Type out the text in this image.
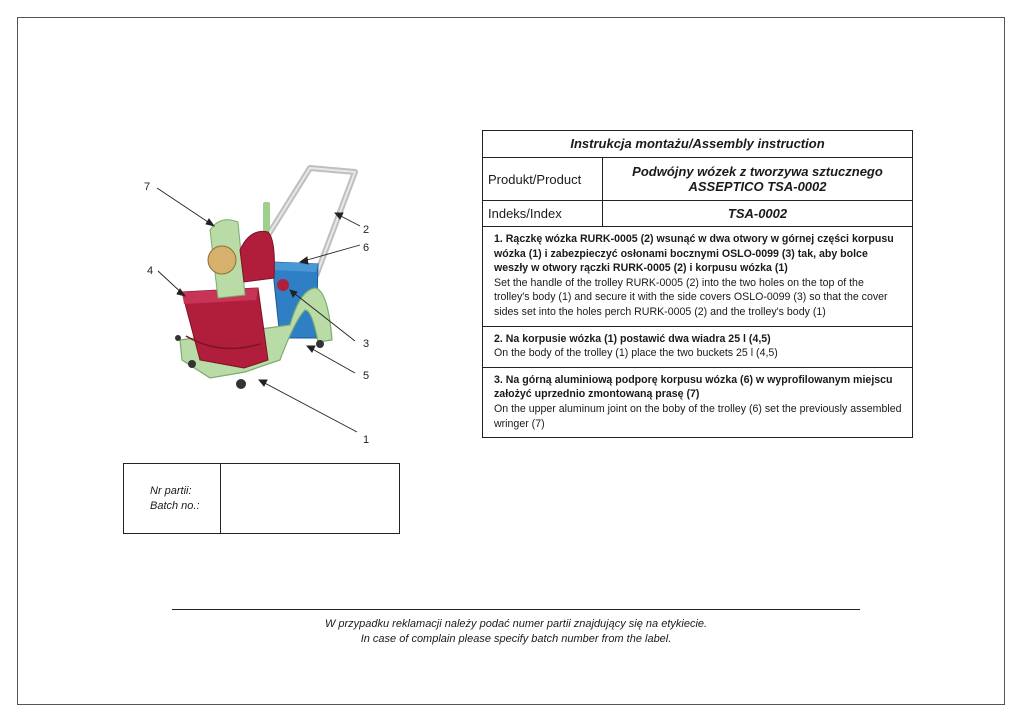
7
2
6
4
3
5
1
Instrukcja montażu/Assembly instruction
Produkt/Product	Podwójny wózek z tworzywa sztucznego
ASSEPTICO TSA-0002
Indeks/Index	TSA-0002
1. Rączkę wózka RURK-0005 (2) wsunąć w dwa otwory w górnej części korpusu wózka (1) i zabezpieczyć osłonami bocznymi OSLO-0099 (3) tak, aby bolce weszły w otwory rączki RURK-0005 (2) i korpusu wózka (1)
Set the handle of the trolley RURK-0005 (2) into the two holes on the top of the trolley's body (1) and secure it with the side covers OSLO-0099 (3) so that the cover sides set into the holes perch RURK-0005 (2) and the trolley's body (1)
2. Na korpusie wózka (1) postawić dwa wiadra 25 l (4,5)
On the body of the trolley (1) place the two buckets 25 l (4,5)
3. Na górną aluminiową podporę korpusu wózka (6) w wyprofilowanym miejscu założyć uprzednio zmontowaną prasę (7)
On the upper aluminum joint on the boby of the trolley (6) set the previously assembled wringer (7)
Nr partii:
Batch no.:
W przypadku reklamacji należy podać numer partii znajdujący się na etykiecie.
In case of complain please specify batch number from the label.
